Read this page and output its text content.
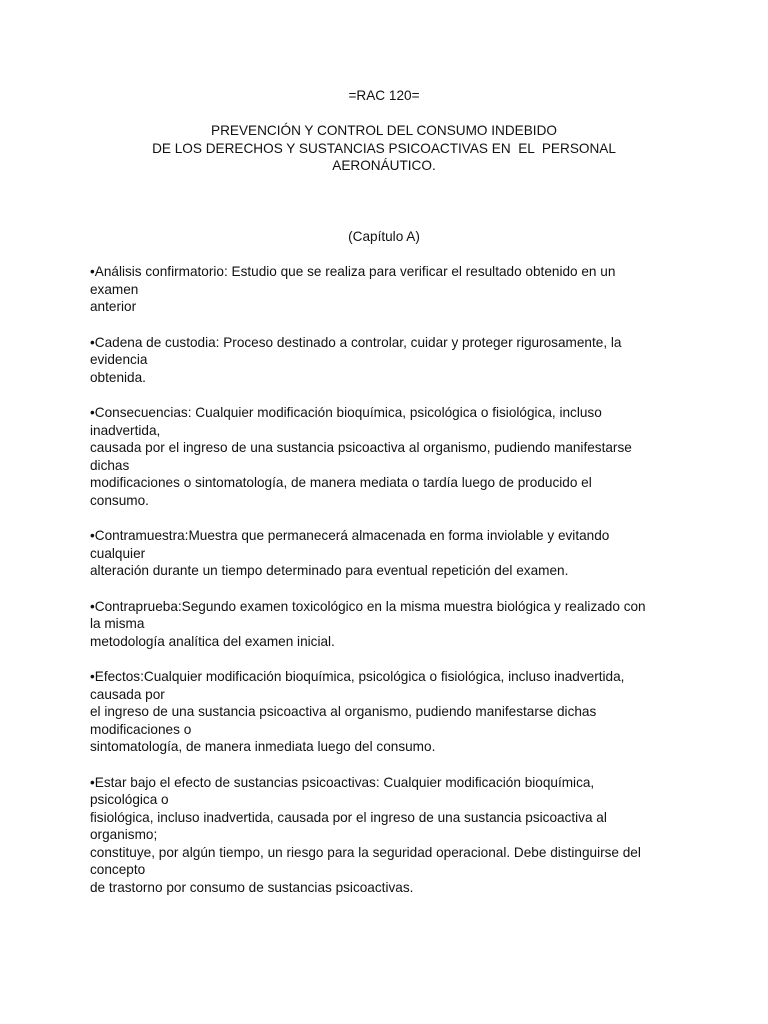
=RAC 120=
PREVENCIÓN Y CONTROL DEL CONSUMO INDEBIDO
DE LOS DERECHOS Y SUSTANCIAS PSICOACTIVAS EN  EL  PERSONAL
AERONÁUTICO.
(Capítulo A)
•Análisis confirmatorio: Estudio que se realiza para verificar el resultado obtenido en un
examen
anterior
•Cadena de custodia: Proceso destinado a controlar, cuidar y proteger rigurosamente, la
evidencia
obtenida.
•Consecuencias: Cualquier modificación bioquímica, psicológica o fisiológica, incluso
inadvertida,
causada por el ingreso de una sustancia psicoactiva al organismo, pudiendo manifestarse
dichas
modificaciones o sintomatología, de manera mediata o tardía luego de producido el
consumo.
•Contramuestra:Muestra que permanecerá almacenada en forma inviolable y evitando
cualquier
alteración durante un tiempo determinado para eventual repetición del examen.
•Contraprueba:Segundo examen toxicológico en la misma muestra biológica y realizado con
la misma
metodología analítica del examen inicial.
•Efectos:Cualquier modificación bioquímica, psicológica o fisiológica, incluso inadvertida,
causada por
el ingreso de una sustancia psicoactiva al organismo, pudiendo manifestarse dichas
modificaciones o
sintomatología, de manera inmediata luego del consumo.
•Estar bajo el efecto de sustancias psicoactivas: Cualquier modificación bioquímica,
psicológica o
fisiológica, incluso inadvertida, causada por el ingreso de una sustancia psicoactiva al
organismo;
constituye, por algún tiempo, un riesgo para la seguridad operacional. Debe distinguirse del
concepto
de trastorno por consumo de sustancias psicoactivas.
